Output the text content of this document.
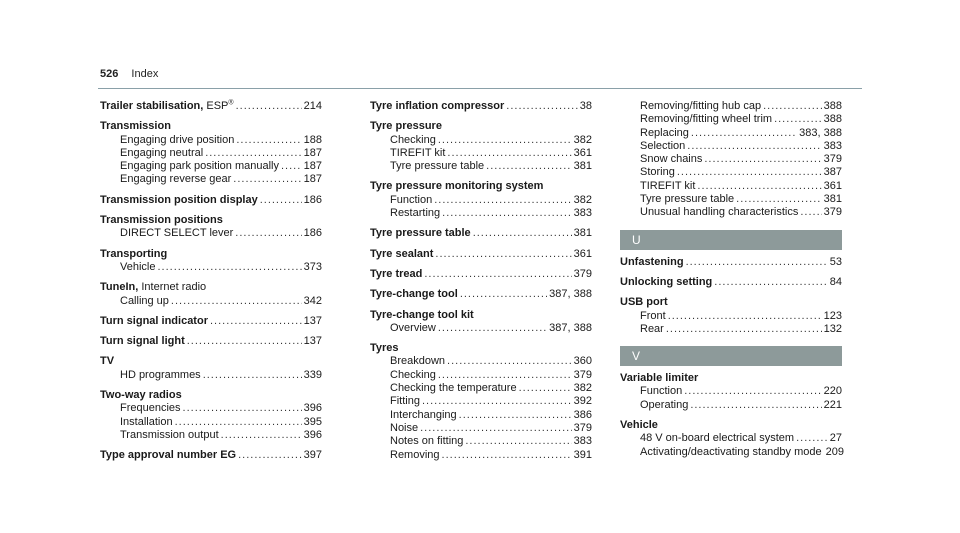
526 Index
Trailer stabilisation, ESP® .....	214
Transmission
Engaging drive position .....	188
Engaging neutral .....	187
Engaging park position manually ..... 187
Engaging reverse gear .....	187
Transmission position display .....	186
Transmission positions
DIRECT SELECT lever .....	186
Transporting
Vehicle .....	373
TuneIn, Internet radio
Calling up .....	342
Turn signal indicator .....	137
Turn signal light .....	137
TV
HD programmes .....	339
Two-way radios
Frequencies .....	396
Installation .....	395
Transmission output .....	396
Type approval number EG .....	397
Tyre inflation compressor .....	38
Tyre pressure
Checking .....	382
TIREFIT kit .....	361
Tyre pressure table .....	381
Tyre pressure monitoring system
Function .....	382
Restarting .....	383
Tyre pressure table .....	381
Tyre sealant .....	361
Tyre tread .....	379
Tyre-change tool .....	387, 388
Tyre-change tool kit
Overview .....	387, 388
Tyres
Breakdown .....	360
Checking .....	379
Checking the temperature .....	382
Fitting .....	392
Interchanging .....	386
Noise .....	379
Notes on fitting .....	383
Removing .....	391
Removing/fitting hub cap .....	388
Removing/fitting wheel trim .....	388
Replacing .....	383, 388
Selection .....	383
Snow chains .....	379
Storing .....	387
TIREFIT kit .....	361
Tyre pressure table .....	381
Unusual handling characteristics ..... 379
U
Unfastening .....	53
Unlocking setting .....	84
USB port
Front .....	123
Rear .....	132
V
Variable limiter
Function .....	220
Operating .....	221
Vehicle
48 V on-board electrical system .....	27
Activating/deactivating standby mode 209
